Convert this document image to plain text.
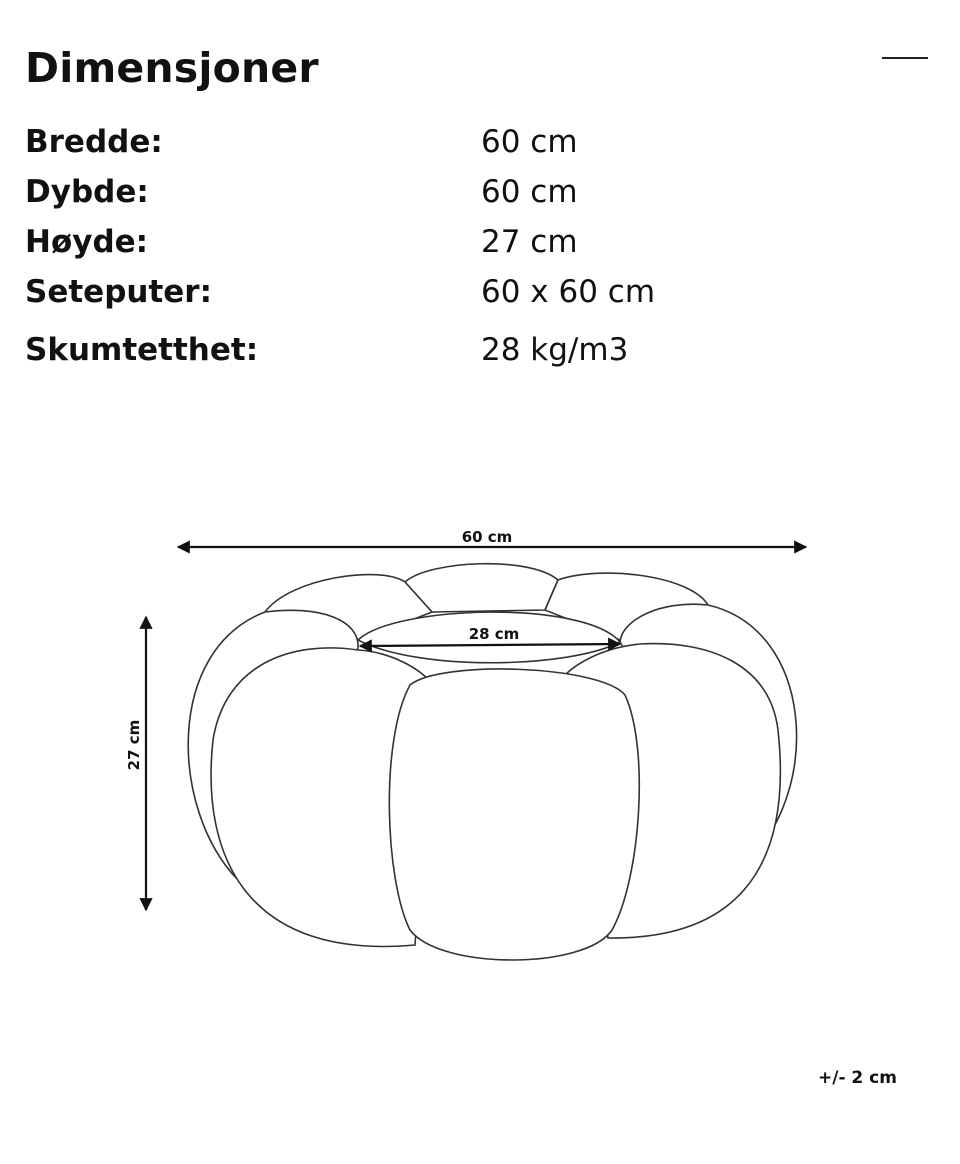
Dimensjoner
Bredde:	60 cm
Dybde:	60 cm
Høyde:	27 cm
Seteputer:	60 x 60 cm
Skumtetthet:	28 kg/m3
60 cm
28 cm
27 cm
+/- 2 cm
